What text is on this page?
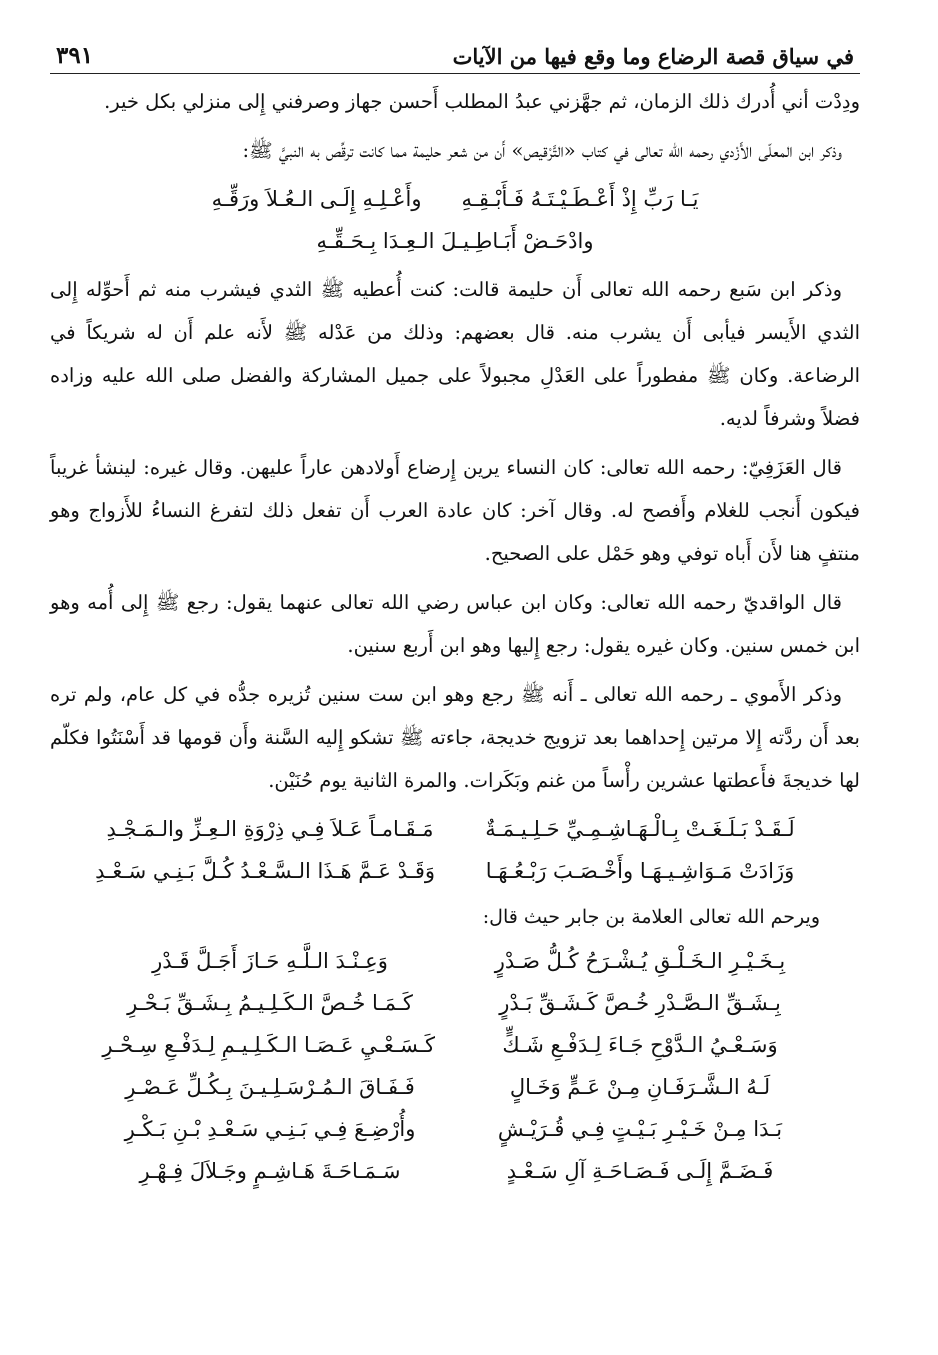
في سياق قصة الرضاع وما وقع فيها من الآيات
٣٩١

ودِدْت أني أُدرك ذلك الزمان، ثم جهَّزني عبدُ المطلب أَحسن جهاز وصرفني إِلى منزلي بكل خير.

وذكر ابن المعلّى الأَزْدي رحمه الله تعالى في كتاب «التَّرْقيص» أَن من شعر حليمة مما كانت ترقِّص به النبيَّ ﷺ:

يَـا رَبِّ إِذْ أَعْـطَـيْـتَـهُ فَـأَبْـقِـهِ
وأَعْـلِـهِ إِلَـى الـعُـلاَ ورَقِّـهِ
وادْحَـضْ أَبَـاطِـيـلَ الـعِـدَا بِـحَـقِّـهِ

وذكر ابن سَبع رحمه الله تعالى أَن حليمة قالت: كنت أُعطيه ﷺ الثدي فيشرب منه ثم أَحوِّله إِلى الثدي الأَيسر فيأبى أَن يشرب منه. قال بعضهم: وذلك من عَدْله ﷺ لأَنه علم أَن له شريكاً في الرضاعة. وكان ﷺ مفطوراً على العَدْلِ مجبولاً على جميل المشاركة والفضل صلى الله عليه وزاده فضلاً وشرفاً لديه.

قال العَزَفِيّ: رحمه الله تعالى: كان النساء يرين إِرضاع أَولادهن عاراً عليهن. وقال غيره: لينشأ غريباً فيكون أَنجب للغلام وأَفصح له. وقال آخر: كان عادة العرب أَن تفعل ذلك لتفرغ النساءُ للأَزواج وهو منتفٍ هنا لأَن أَباه توفي وهو حَمْل على الصحيح.

قال الواقديّ رحمه الله تعالى: وكان ابن عباس رضي الله تعالى عنهما يقول: رجع ﷺ إِلى أُمه وهو ابن خمس سنين. وكان غيره يقول: رجع إِليها وهو ابن أَربع سنين.

وذكر الأَموي ـ رحمه الله تعالى ـ أَنه ﷺ رجع وهو ابن ست سنين تُزيره جدُّه في كل عام، ولم تره بعد أَن ردَّته إِلا مرتين إِحداهما بعد تزويج خديجة، جاءته ﷺ تشكو إِليه السَّنة وأَن قومها قد أَسْنَتُوا فكلّم لها خديجةَ فأَعطتها عشرين رأْساً من غنم وبَكَرات. والمرة الثانية يوم حُنَيْن.

لَـقَـدْ بَـلَـغَـتْ بِـالْـهَـاشِـمِـيِّ حَـلِـيـمَـةٌ
مَـقَـامـاً عَـلاَ فِـي ذِرْوَةِ الـعِـزِّ والـمَـجْـدِ
وَزَادَتْ مَـوَاشِـيـهَـا وأَخْـصَـبَ رَبْـعُـهَـا
وَقَـدْ عَـمَّ هَـذَا الـسَّـعْـدُ كُـلَّ بَـنِـي سَـعْـدِ
ويرحم الله تعالى العلامة بن جابر حيث قال:
بِـخَـيْـرِ الـخَـلْـقِ يُـشْـرَحُ كُـلُّ صَـدْرٍ
وَعِـنْـدَ الـلَّـهِ حَـازَ أَجَـلَّ قَـدْرِ
بِـشَـقِّ الـصَّـدْرِ خُـصَّ كَـشَـقِّ بَـدْرٍ
كَـمَـا خُـصَّ الـكَـلِـيـمُ بِـشَـقِّ بَـحْـرِ
وَسَـعْـيُ الـدَّوْحِ جَـاءَ لِـدَفْـعِ شَـكٍّ
كَـسَـعْـيِ عَـصَـا الـكَـلِـيـمِ لِـدَفْـعِ سِـحْـرِ
لَـهُ الـشَّـرَفَـانِ مِـنْ عَـمٍّ وَخَـالٍ
فَـفَـاقَ الـمُـرْسَـلِـيـنَ بِـكُـلِّ عَـصْـرِ
بَـدَا مِـنْ خَـيْـرِ بَـيْـتٍ فِـي قُـرَيْـشٍ
وأُرْضِـعَ فِـي بَـنِـي سَـعْـدِ بْـنِ بَـكْـرِ
فَـضَـمَّ إِلَـى فَـصَـاحَـةِ آلِ سَـعْـدٍ
سَـمَـاحَـةَ هَـاشِـمٍ وجَـلاَلَ فِـهْـرِ
